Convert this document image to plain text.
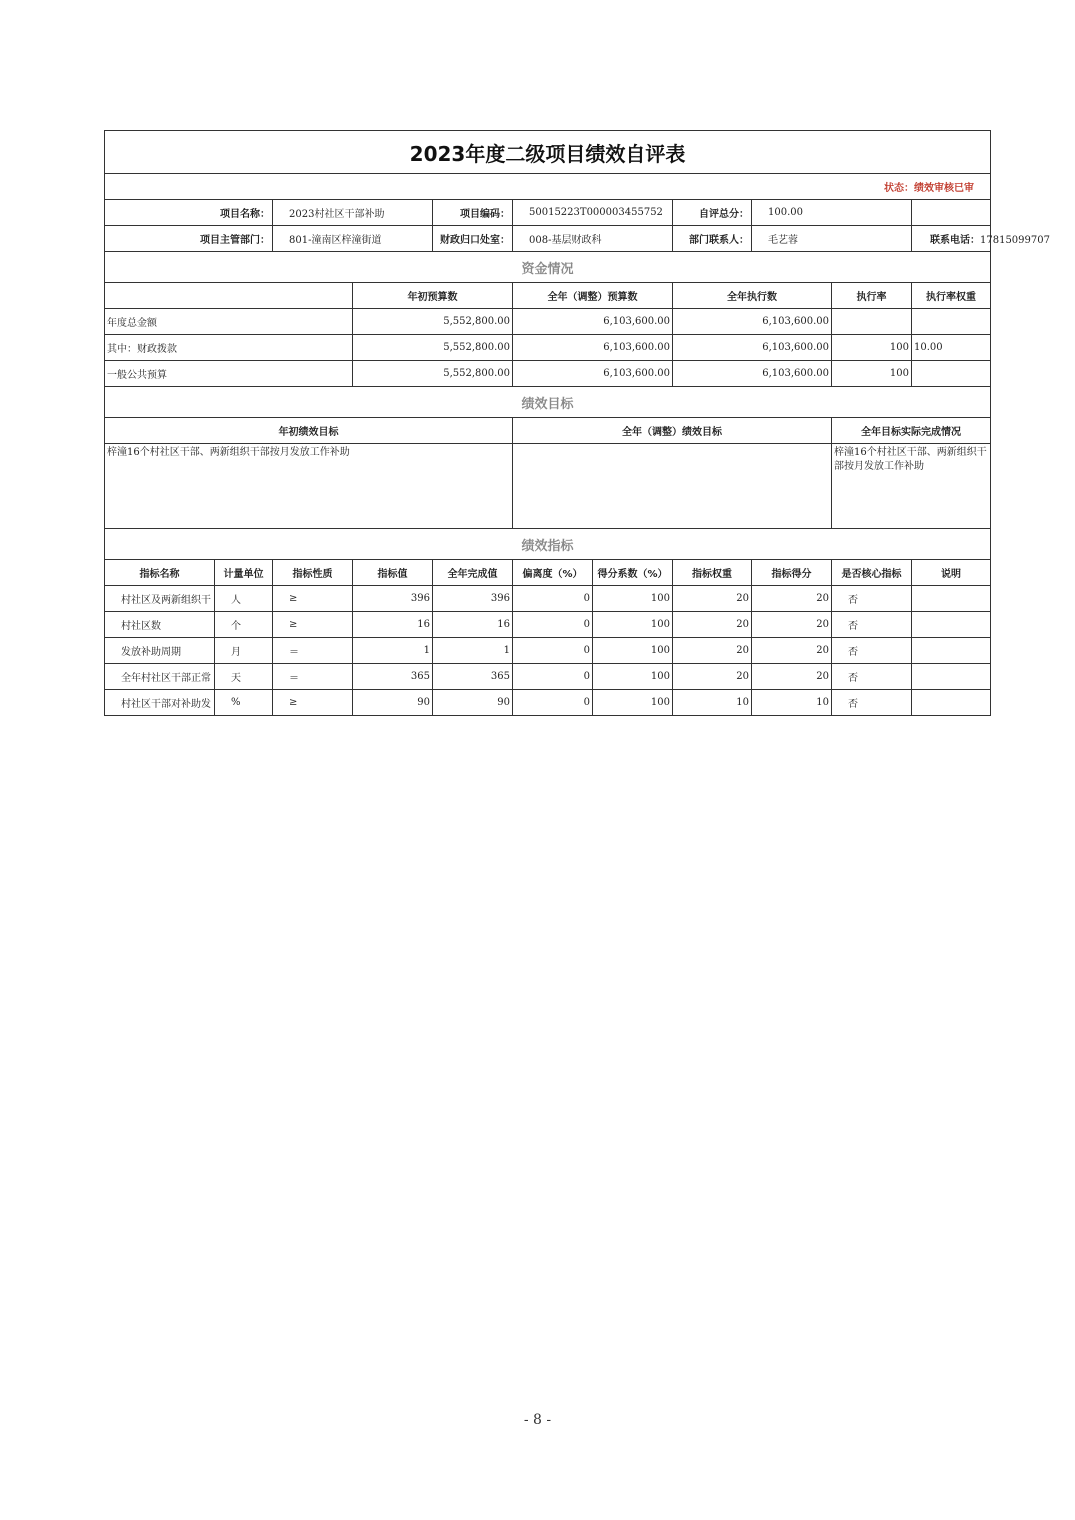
2023年度二级项目绩效自评表											
状态：绩效审核已审											
项目名称：		2023村社区干部补助		项目编码：	50015223T000003455752		自评总分：	100.00			
项目主管部门：		801-潼南区梓潼街道		财政归口处室：	008-基层财政科		部门联系人：	毛艺蓉		联系电话：17815099707	
资金情况											
			年初预算数		全年（调整）预算数		全年执行数		执行率	执行率权重	
年度总金额			5,552,800.00		6,103,600.00		6,103,600.00				
其中：财政拨款			5,552,800.00		6,103,600.00		6,103,600.00		100	10.00	
一般公共预算			5,552,800.00		6,103,600.00		6,103,600.00		100		
绩效目标											
年初绩效目标					全年（调整）绩效目标				全年目标实际完成情况		
梓潼16个村社区干部、两新组织干部按月发放工作补助									梓潼16个村社区干部、两新组织干部按月发放工作补助		
绩效指标											
指标名称	计量单位	指标性质	指标值	全年完成值	偏离度（%）	得分系数（%）	指标权重	指标得分	是否核心指标	说明	
村社区及两新组织干	人	≥	396	396	0	100	20	20	否		
村社区数	个	≥	16	16	0	100	20	20	否		
发放补助周期	月	＝	1	1	0	100	20	20	否		
全年村社区干部正常	天	＝	365	365	0	100	20	20	否		
村社区干部对补助发	%	≥	90	90	0	100	10	10	否		
- 8 -
